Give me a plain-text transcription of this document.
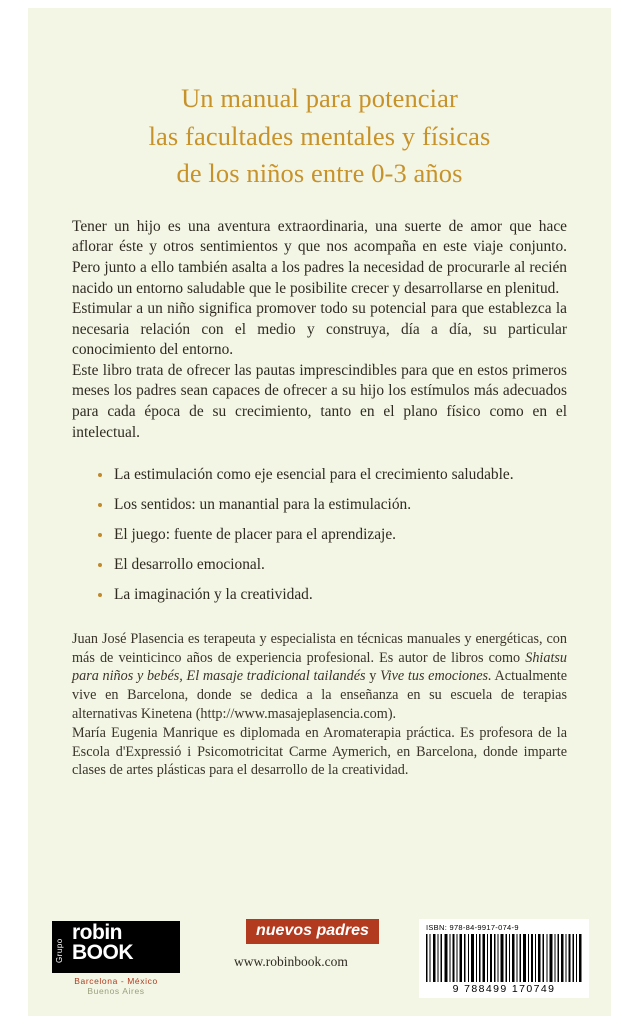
Un manual para potenciar
las facultades mentales y físicas
de los niños entre 0-3 años

Tener un hijo es una aventura extraordinaria, una suerte de amor que hace aflorar éste y otros sentimientos y que nos acompaña en este viaje conjunto. Pero junto a ello también asalta a los padres la necesidad de procurarle al recién nacido un entorno saludable que le posibilite crecer y desarrollarse en plenitud.

Estimular a un niño significa promover todo su potencial para que establezca la necesaria relación con el medio y construya, día a día, su particular conocimiento del entorno.

Este libro trata de ofrecer las pautas imprescindibles para que en estos primeros meses los padres sean capaces de ofrecer a su hijo los estímulos más adecuados para cada época de su crecimiento, tanto en el plano físico como en el intelectual.

La estimulación como eje esencial para el crecimiento saludable.
Los sentidos: un manantial para la estimulación.
El juego: fuente de placer para el aprendizaje.
El desarrollo emocional.
La imaginación y la creatividad.

Juan José Plasencia es terapeuta y especialista en técnicas manuales y energéticas, con más de veinticinco años de experiencia profesional. Es autor de libros como Shiatsu para niños y bebés, El masaje tradicional tailandés y Vive tus emociones. Actualmente vive en Barcelona, donde se dedica a la enseñanza en su escuela de terapias alternativas Kinetena (http://www.masajeplasencia.com).

María Eugenia Manrique es diplomada en Aromaterapia práctica. Es profesora de la Escola d'Expressió i Psicomotricitat Carme Aymerich, en Barcelona, donde imparte clases de artes plásticas para el desarrollo de la creatividad.

Grupo
robin
BOOK
Barcelona - México
Buenos Aires
nuevos padres
www.robinbook.com
ISBN: 978-84-9917-074-9
9 788499 170749
